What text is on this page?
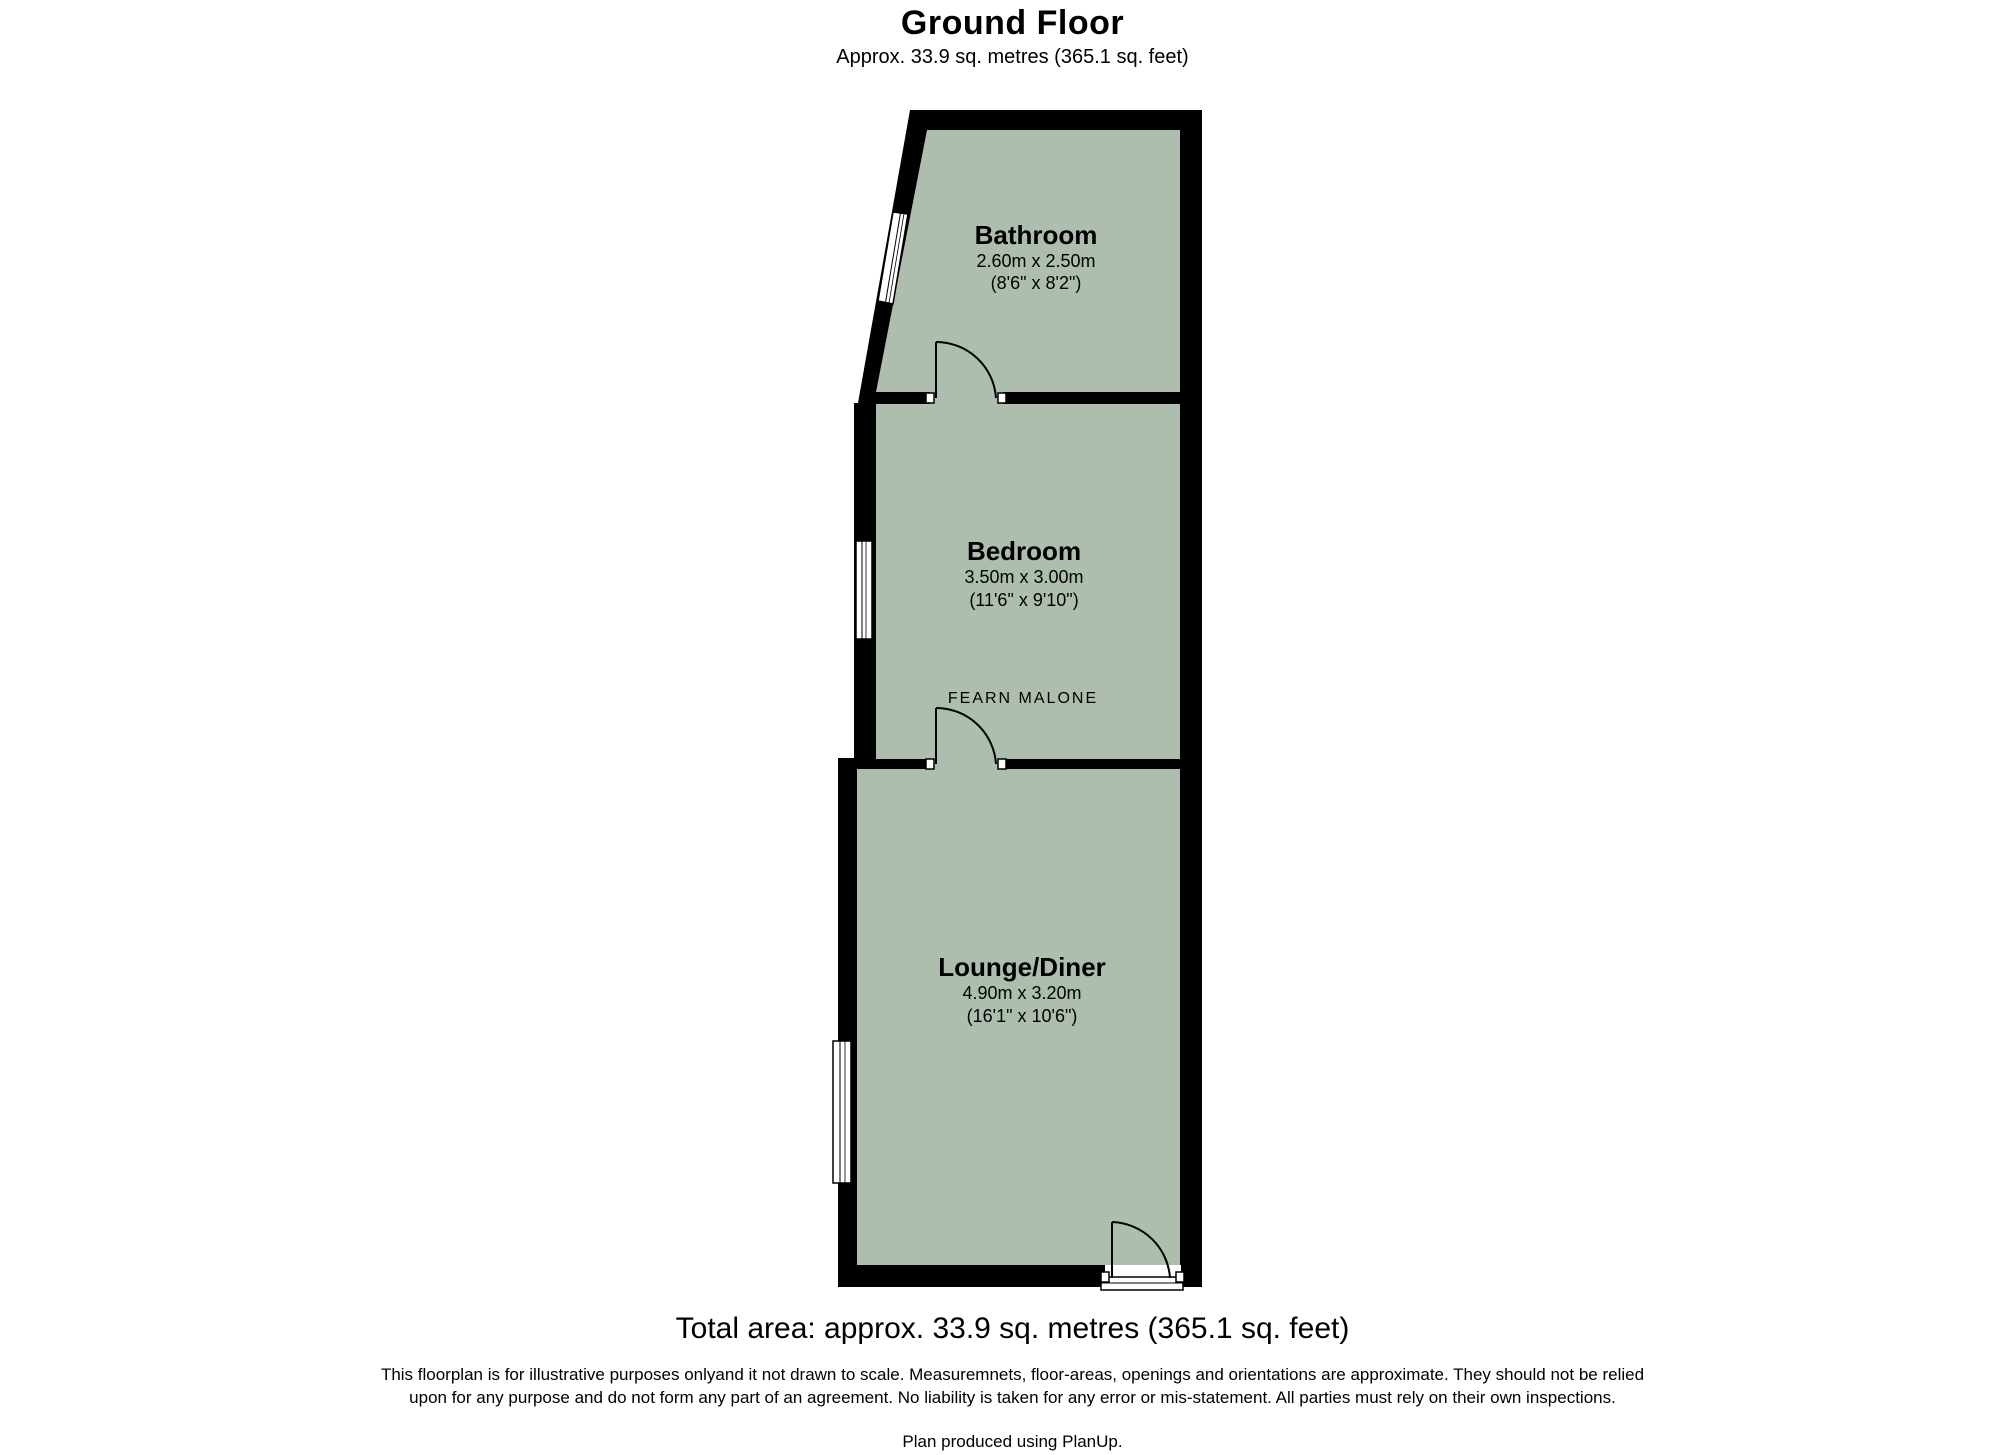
Ground Floor
Approx. 33.9 sq. metres (365.1 sq. feet)
Bathroom
2.60m x 2.50m
(8'6" x 8'2")
Bedroom
3.50m x 3.00m
(11'6" x 9'10")
Lounge/Diner
4.90m x 3.20m
(16'1" x 10'6")
FEARN MALONE
Total area: approx. 33.9 sq. metres (365.1 sq. feet)
This floorplan is for illustrative purposes onlyand it not drawn to scale. Measuremnets, floor-areas, openings and orientations are approximate. They should not be relied upon for any purpose and do not form any part of an agreement. No liability is taken for any error or mis-statement. All parties must rely on their own inspections.
Plan produced using PlanUp.
